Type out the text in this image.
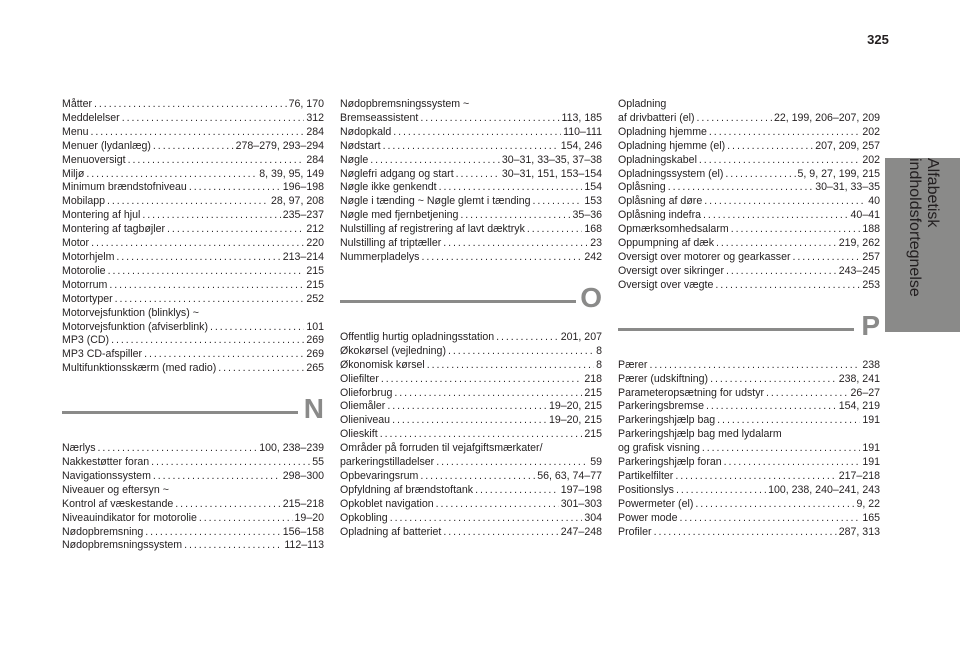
325
Alfabetisk indholdsfortegnelse
Måtter . . .	76, 170
Meddelelser . . .	312
Menu . . .	284
Menuer (lydanlæg) . . .	278–279, 293–294
Menuoversigt . . .	284
Miljø . . .	8, 39, 95, 149
Minimum brændstofniveau . . .	196–198
Mobilapp . . .	28, 97, 208
Montering af hjul . . .	235–237
Montering af tagbøjler . . .	212
Motor . . .	220
Motorhjelm . . .	213–214
Motorolie . . .	215
Motorrum . . .	215
Motortyper . . .	252
Motorvejsfunktion (blinklys) ~
Motorvejsfunktion (afviserblink) . . .	101
MP3 (CD) . . .	269
MP3 CD-afspiller . . .	269
Multifunktionsskærm (med radio) . . .	265
N
Nærlys . . .	100, 238–239
Nakkestøtter foran . . .	55
Navigationssystem . . .	298–300
Niveauer og eftersyn ~
Kontrol af væskestande . . .	215–218
Niveauindikator for motorolie . . .	19–20
Nødopbremsning . . .	156–158
Nødopbremsningssystem . . .	112–113
Nødopbremsningssystem ~
Bremseassistent . . .	113, 185
Nødopkald . . .	110–111
Nødstart . . .	154, 246
Nøgle . . .	30–31, 33–35, 37–38
Nøglefri adgang og start . . .	30–31, 151, 153–154
Nøgle ikke genkendt . . .	154
Nøgle i tænding ~ Nøgle glemt i tænding . . .	153
Nøgle med fjernbetjening . . .	35–36
Nulstilling af registrering af lavt dæktryk . . .	168
Nulstilling af triptæller . . .	23
Nummerpladelys . . .	242
O
Offentlig hurtig opladningsstation . . .	201, 207
Økokørsel (vejledning) . . .	8
Økonomisk kørsel . . .	8
Oliefilter . . .	218
Olieforbrug . . .	215
Oliemåler . . .	19–20, 215
Olieniveau . . .	19–20, 215
Olieskift . . .	215
Områder på forruden til vejafgiftsmærkater/
parkeringstilladelser . . .	59
Opbevaringsrum . . .	56, 63, 74–77
Opfyldning af brændstoftank . . .	197–198
Opkoblet navigation . . .	301–303
Opkobling . . .	304
Opladning af batteriet . . .	247–248
Opladning
af drivbatteri (el) . . .	22, 199, 206–207, 209
Opladning hjemme . . .	202
Opladning hjemme (el) . . .	207, 209, 257
Opladningskabel . . .	202
Opladningssystem (el) . . .	5, 9, 27, 199, 215
Oplåsning . . .	30–31, 33–35
Oplåsning af døre . . .	40
Oplåsning indefra . . .	40–41
Opmærksomhedsalarm . . .	188
Oppumpning af dæk . . .	219, 262
Oversigt over motorer og gearkasser . . .	257
Oversigt over sikringer . . .	243–245
Oversigt over vægte . . .	253
P
Pærer . . .	238
Pærer (udskiftning) . . .	238, 241
Parameteropsætning for udstyr . . .	26–27
Parkeringsbremse . . .	154, 219
Parkeringshjælp bag . . .	191
Parkeringshjælp bag med lydalarm
og grafisk visning . . .	191
Parkeringshjælp foran . . .	191
Partikelfilter . . .	217–218
Positionslys . . .	100, 238, 240–241, 243
Powermeter (el) . . .	9, 22
Power mode . . .	165
Profiler . . .	287, 313
